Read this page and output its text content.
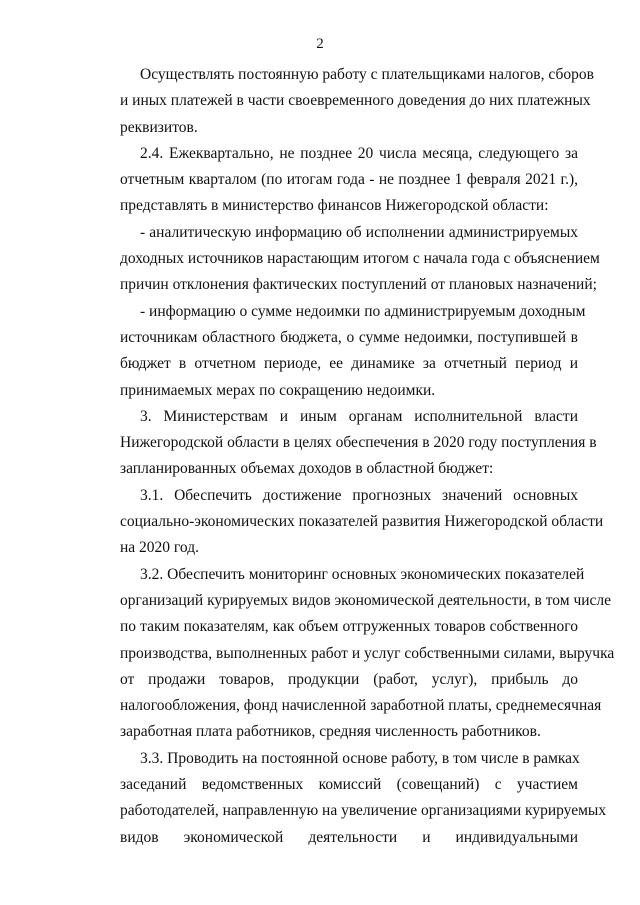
2
Осуществлять постоянную работу с плательщиками налогов, сборов
и иных платежей в части своевременного доведения до них платежных
реквизитов.
2.4. Ежеквартально, не позднее 20 числа месяца, следующего за
отчетным кварталом (по итогам года - не позднее 1 февраля 2021 г.),
представлять в министерство финансов Нижегородской области:
- аналитическую информацию об исполнении администрируемых
доходных источников нарастающим итогом с начала года с объяснением
причин отклонения фактических поступлений от плановых назначений;
- информацию о сумме недоимки по администрируемым доходным
источникам областного бюджета, о сумме недоимки, поступившей в
бюджет в отчетном периоде, ее динамике за отчетный период и
принимаемых мерах по сокращению недоимки.
3. Министерствам и иным органам исполнительной власти
Нижегородской области в целях обеспечения в 2020 году поступления в
запланированных объемах доходов в областной бюджет:
3.1. Обеспечить достижение прогнозных значений основных
социально-экономических показателей развития Нижегородской области
на 2020 год.
3.2. Обеспечить мониторинг основных экономических показателей
организаций курируемых видов экономической деятельности, в том числе
по таким показателям, как объем отгруженных товаров собственного
производства, выполненных работ и услуг собственными силами, выручка
от продажи товаров, продукции (работ, услуг), прибыль до
налогообложения, фонд начисленной заработной платы, среднемесячная
заработная плата работников, средняя численность работников.
3.3. Проводить на постоянной основе работу, в том числе в рамках
заседаний ведомственных комиссий (совещаний) с участием
работодателей, направленную на увеличение организациями курируемых
видов экономической деятельности и индивидуальными
